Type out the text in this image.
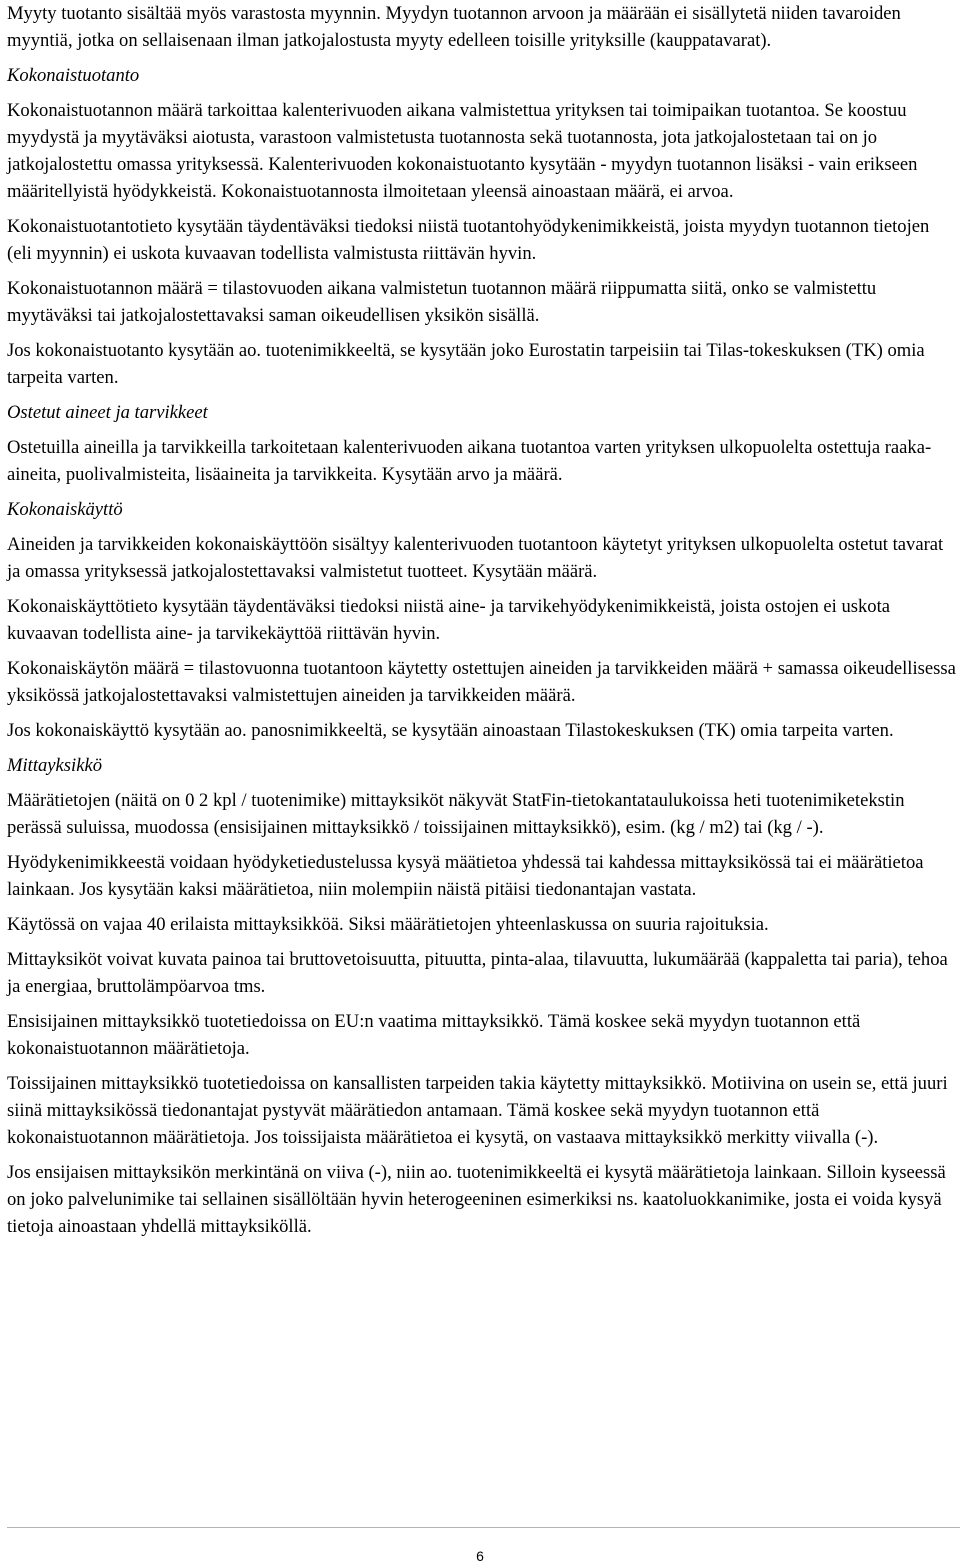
Myyty tuotanto sisältää myös varastosta myynnin. Myydyn tuotannon arvoon ja määrään ei sisällytetä niiden tavaroiden myyntiä, jotka on sellaisenaan ilman jatkojalostusta myyty edelleen toisille yrityksille (kauppatavarat).

Kokonaistuotanto

Kokonaistuotannon määrä tarkoittaa kalenterivuoden aikana valmistettua yrityksen tai toimipaikan tuotantoa. Se koostuu myydystä ja myytäväksi aiotusta, varastoon valmistetusta tuotannosta sekä tuotannosta, jota jatkojalostetaan tai on jo jatkojalostettu omassa yrityksessä. Kalenterivuoden kokonaistuotanto kysytään - myydyn tuotannon lisäksi - vain erikseen määritellyistä hyödykkeistä. Kokonaistuotannosta ilmoitetaan yleensä ainoastaan määrä, ei arvoa.

Kokonaistuotantotieto kysytään täydentäväksi tiedoksi niistä tuotantohyödykenimikkeistä, joista myydyn tuotannon tietojen (eli myynnin) ei uskota kuvaavan todellista valmistusta riittävän hyvin.

Kokonaistuotannon määrä = tilastovuoden aikana valmistetun tuotannon määrä riippumatta siitä, onko se valmistettu myytäväksi tai jatkojalostettavaksi saman oikeudellisen yksikön sisällä.

Jos kokonaistuotanto kysytään ao. tuotenimikkeeltä, se kysytään joko Eurostatin tarpeisiin tai Tilas-tokeskuksen (TK) omia tarpeita varten.

Ostetut aineet ja tarvikkeet

Ostetuilla aineilla ja tarvikkeilla tarkoitetaan kalenterivuoden aikana tuotantoa varten yrityksen ulkopuolelta ostettuja raaka-aineita, puolivalmisteita, lisäaineita ja tarvikkeita. Kysytään arvo ja määrä.

Kokonaiskäyttö

Aineiden ja tarvikkeiden kokonaiskäyttöön sisältyy kalenterivuoden tuotantoon käytetyt yrityksen ulkopuolelta ostetut tavarat ja omassa yrityksessä jatkojalostettavaksi valmistetut tuotteet. Kysytään määrä.

Kokonaiskäyttötieto kysytään täydentäväksi tiedoksi niistä aine- ja tarvikehyödykenimikkeistä, joista ostojen ei uskota kuvaavan todellista aine- ja tarvikekäyttöä riittävän hyvin.

Kokonaiskäytön määrä = tilastovuonna tuotantoon käytetty ostettujen aineiden ja tarvikkeiden määrä + samassa oikeudellisessa yksikössä jatkojalostettavaksi valmistettujen aineiden ja tarvikkeiden määrä.

Jos kokonaiskäyttö kysytään ao. panosnimikkeeltä, se kysytään ainoastaan Tilastokeskuksen (TK) omia tarpeita varten.

Mittayksikkö

Määrätietojen (näitä on 0 2 kpl / tuotenimike) mittayksiköt näkyvät StatFin-tietokantataulukoissa heti tuotenimiketekstin perässä suluissa, muodossa (ensisijainen mittayksikkö / toissijainen mittayksikkö), esim. (kg / m2) tai (kg / -).

Hyödykenimikkeestä voidaan hyödyketiedustelussa kysyä määtietoa yhdessä tai kahdessa mittayksikössä tai ei määrätietoa lainkaan. Jos kysytään kaksi määrätietoa, niin molempiin näistä pitäisi tiedonantajan vastata.

Käytössä on vajaa 40 erilaista mittayksikköä. Siksi määrätietojen yhteenlaskussa on suuria rajoituksia.

Mittayksiköt voivat kuvata painoa tai bruttovetoisuutta, pituutta, pinta-alaa, tilavuutta, lukumäärää (kappaletta tai paria), tehoa ja energiaa, bruttolämpöarvoa tms.

Ensisijainen mittayksikkö tuotetiedoissa on EU:n vaatima mittayksikkö. Tämä koskee sekä myydyn tuotannon että kokonaistuotannon määrätietoja.

Toissijainen mittayksikkö tuotetiedoissa on kansallisten tarpeiden takia käytetty mittayksikkö. Motiivina on usein se, että juuri siinä mittayksikössä tiedonantajat pystyvät määrätiedon antamaan. Tämä koskee sekä myydyn tuotannon että kokonaistuotannon määrätietoja. Jos toissijaista määrätietoa ei kysytä, on vastaava mittayksikkö merkitty viivalla (-).

Jos ensijaisen mittayksikön merkintänä on viiva (-), niin ao. tuotenimikkeeltä ei kysytä määrätietoja lainkaan. Silloin kyseessä on joko palvelunimike tai sellainen sisällöltään hyvin heterogeeninen esimerkiksi ns. kaatoluokkanimike, josta ei voida kysyä tietoja ainoastaan yhdellä mittayksiköllä.

6
